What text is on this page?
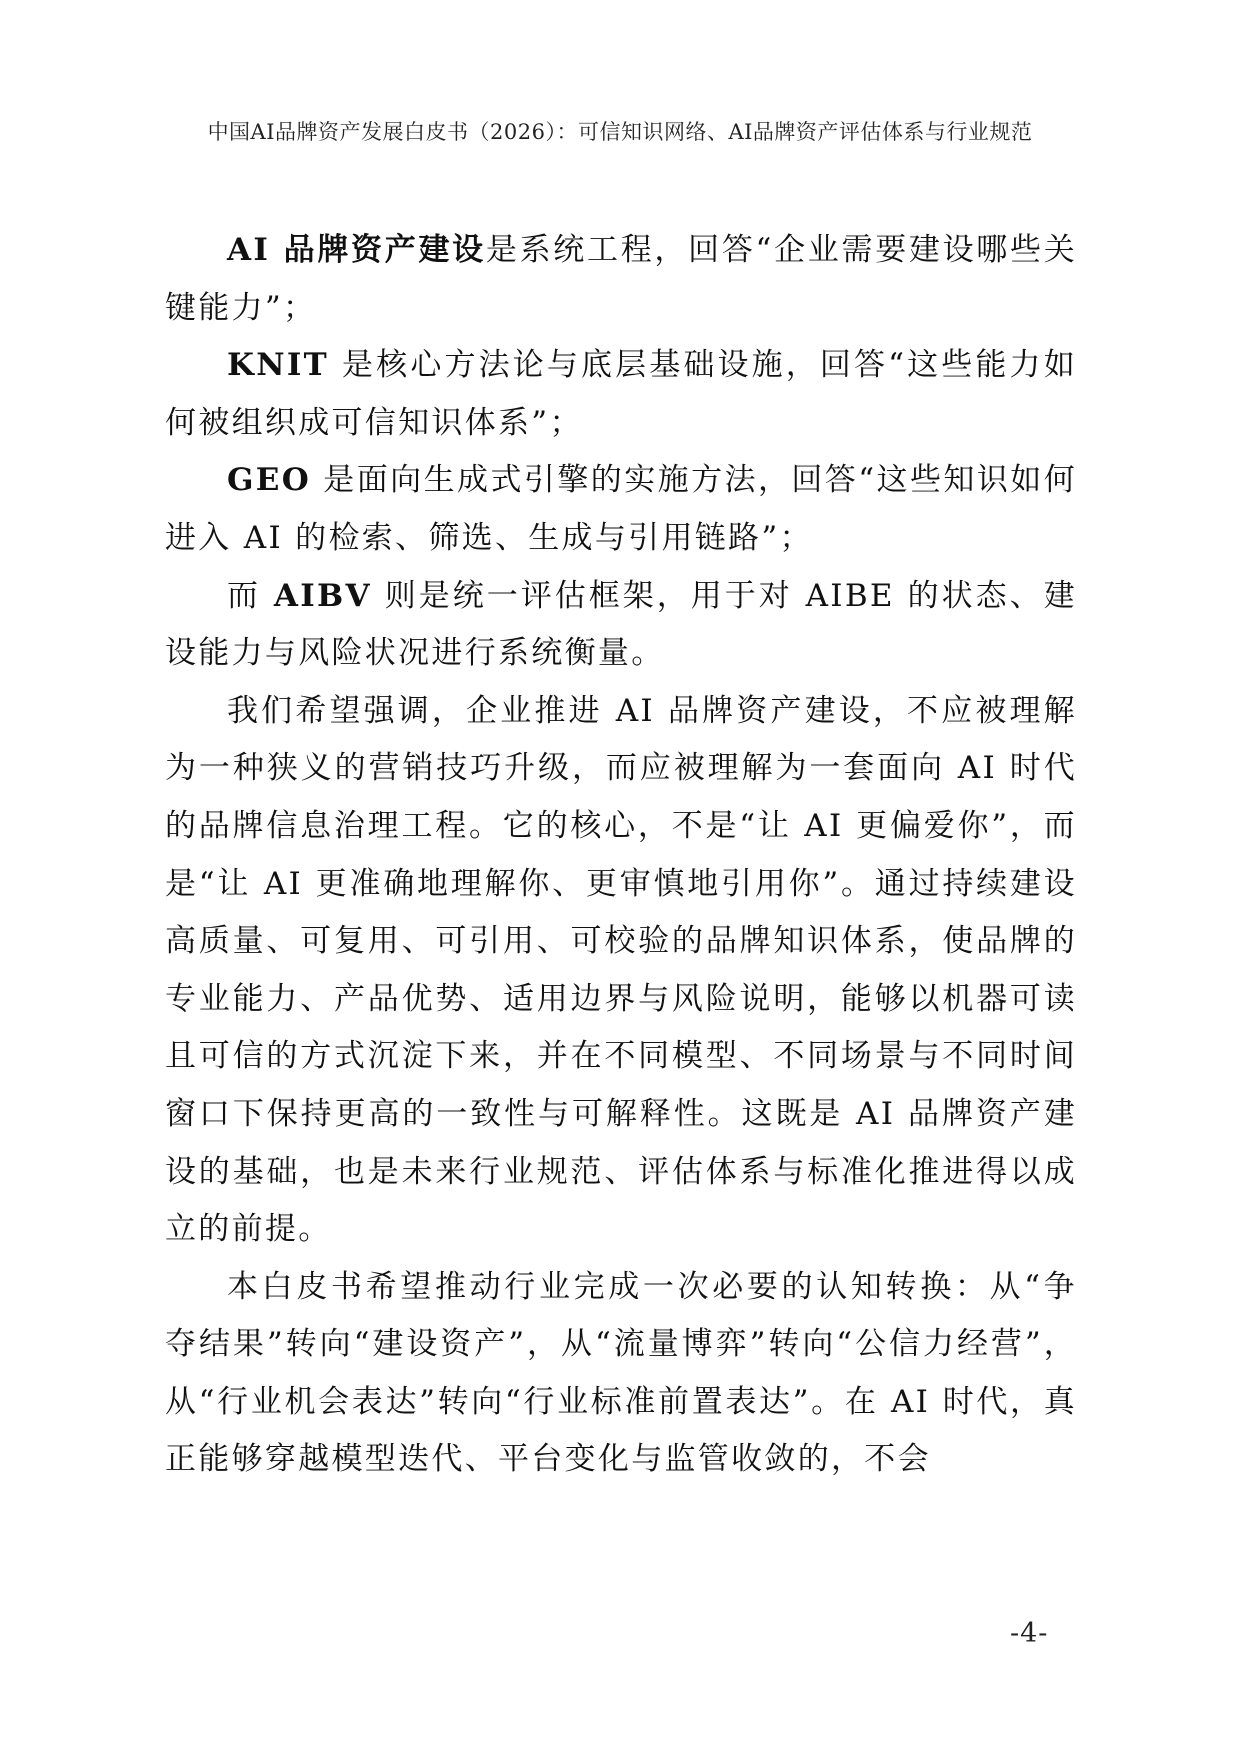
中国AI品牌资产发展白皮书（2026）：可信知识网络、AI品牌资产评估体系与行业规范

AI 品牌资产建设是系统工程，回答“企业需要建设哪些关键能力”；

KNIT 是核心方法论与底层基础设施，回答“这些能力如何被组织成可信知识体系”；

GEO 是面向生成式引擎的实施方法，回答“这些知识如何进入 AI 的检索、筛选、生成与引用链路”；

而 AIBV 则是统一评估框架，用于对 AIBE 的状态、建设能力与风险状况进行系统衡量。

我们希望强调，企业推进 AI 品牌资产建设，不应被理解为一种狭义的营销技巧升级，而应被理解为一套面向 AI 时代的品牌信息治理工程。它的核心，不是“让 AI 更偏爱你”，而是“让 AI 更准确地理解你、更审慎地引用你”。通过持续建设高质量、可复用、可引用、可校验的品牌知识体系，使品牌的专业能力、产品优势、适用边界与风险说明，能够以机器可读且可信的方式沉淀下来，并在不同模型、不同场景与不同时间窗口下保持更高的一致性与可解释性。这既是 AI 品牌资产建设的基础，也是未来行业规范、评估体系与标准化推进得以成立的前提。

本白皮书希望推动行业完成一次必要的认知转换：从“争夺结果”转向“建设资产”，从“流量博弈”转向“公信力经营”，从“行业机会表达”转向“行业标准前置表达”。在 AI 时代，真正能够穿越模型迭代、平台变化与监管收敛的，不会

-4-
